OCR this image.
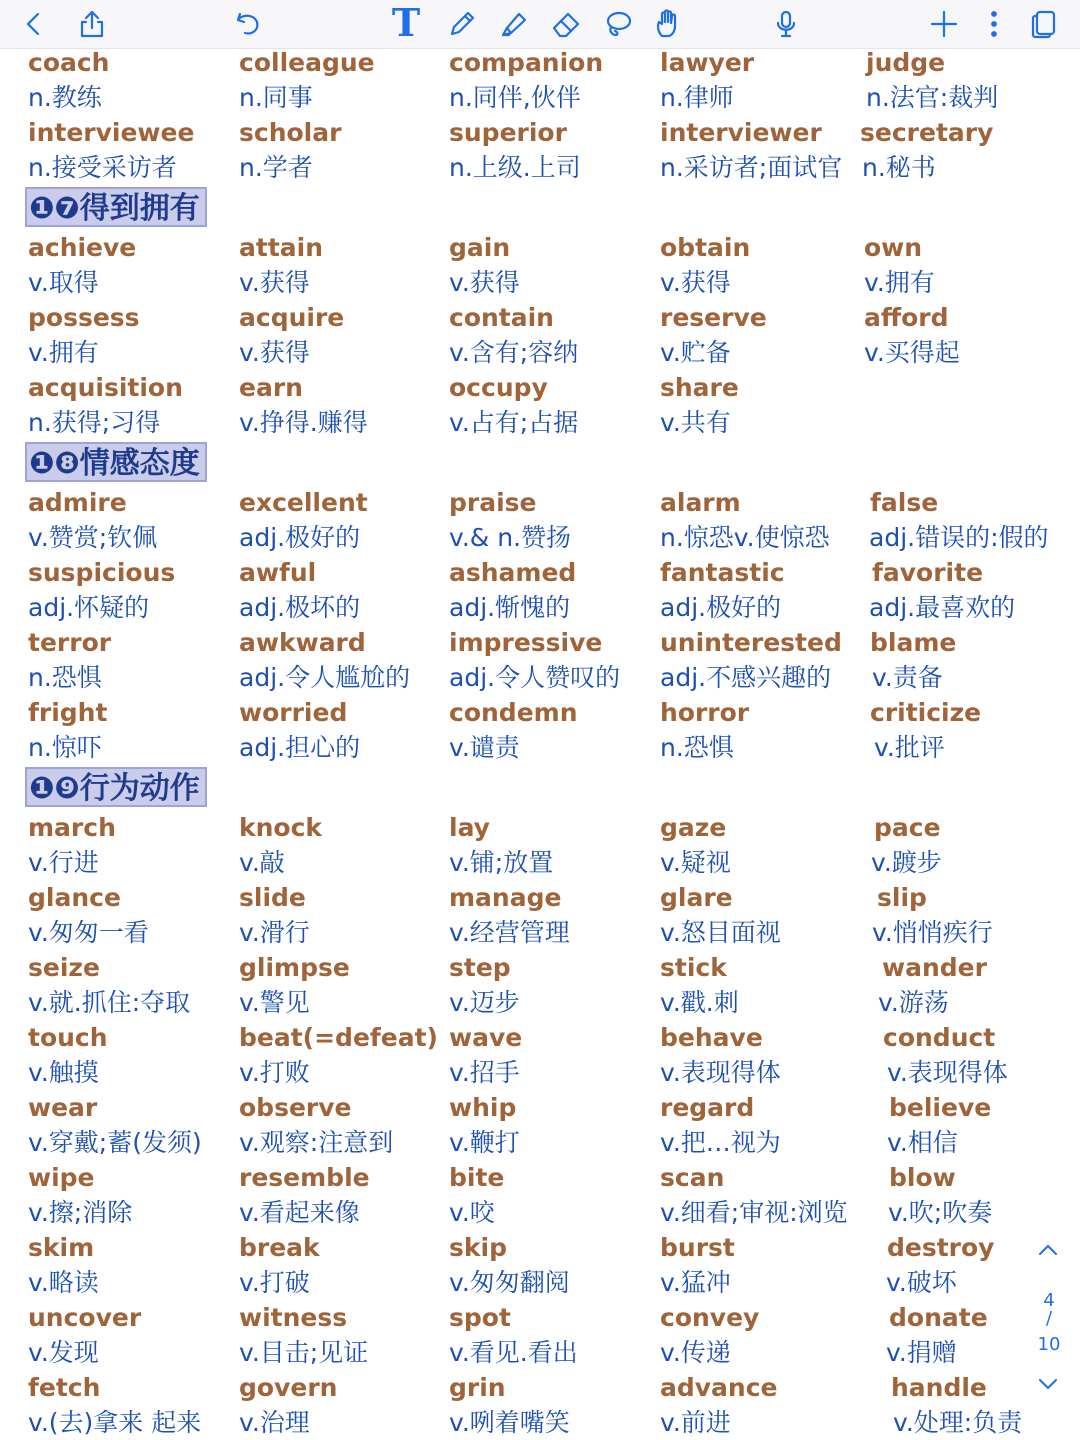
T
coach
n.教练
colleague
n.同事
companion
n.同伴,伙伴
lawyer
n.律师
judge
n.法官:裁判
interviewee
n.接受采访者
scholar
n.学者
superior
n.上级.上司
interviewer
n.采访者;面试官
secretary
n.秘书
❶❼得到拥有
achieve
v.取得
attain
v.获得
gain
v.获得
obtain
v.获得
own
v.拥有
possess
v.拥有
acquire
v.获得
contain
v.含有;容纳
reserve
v.贮备
afford
v.买得起
acquisition
n.获得;习得
earn
v.挣得.赚得
occupy
v.占有;占据
share
v.共有
❶❽情感态度
admire
v.赞赏;钦佩
excellent
adj.极好的
praise
v.& n.赞扬
alarm
n.惊恐v.使惊恐
false
adj.错误的:假的
suspicious
adj.怀疑的
awful
adj.极坏的
ashamed
adj.惭愧的
fantastic
adj.极好的
favorite
adj.最喜欢的
terror
n.恐惧
awkward
adj.令人尴尬的
impressive
adj.令人赞叹的
uninterested
adj.不感兴趣的
blame
v.责备
fright
n.惊吓
worried
adj.担心的
condemn
v.谴责
horror
n.恐惧
criticize
v.批评
❶❾行为动作
march
v.行进
knock
v.敲
lay
v.铺;放置
gaze
v.疑视
pace
v.踱步
glance
v.匆匆一看
slide
v.滑行
manage
v.经营管理
glare
v.怒目面视
slip
v.悄悄疾行
seize
v.就.抓住:夺取
glimpse
v.警见
step
v.迈步
stick
v.戳.刺
wander
v.游荡
touch
v.触摸
beat(=defeat)
v.打败
wave
v.招手
behave
v.表现得体
conduct
v.表现得体
wear
v.穿戴;蓄(发须)
observe
v.观察:注意到
whip
v.鞭打
regard
v.把…视为
believe
v.相信
wipe
v.擦;消除
resemble
v.看起来像
bite
v.咬
scan
v.细看;审视:浏览
blow
v.吹;吹奏
skim
v.略读
break
v.打破
skip
v.匆匆翻阅
burst
v.猛冲
destroy
v.破坏
uncover
v.发现
witness
v.目击;见证
spot
v.看见.看出
convey
v.传递
donate
v.捐赠
fetch
v.(去)拿来 起来
govern
v.治理
grin
v.咧着嘴笑
advance
v.前进
handle
v.处理:负责
4
/
10
